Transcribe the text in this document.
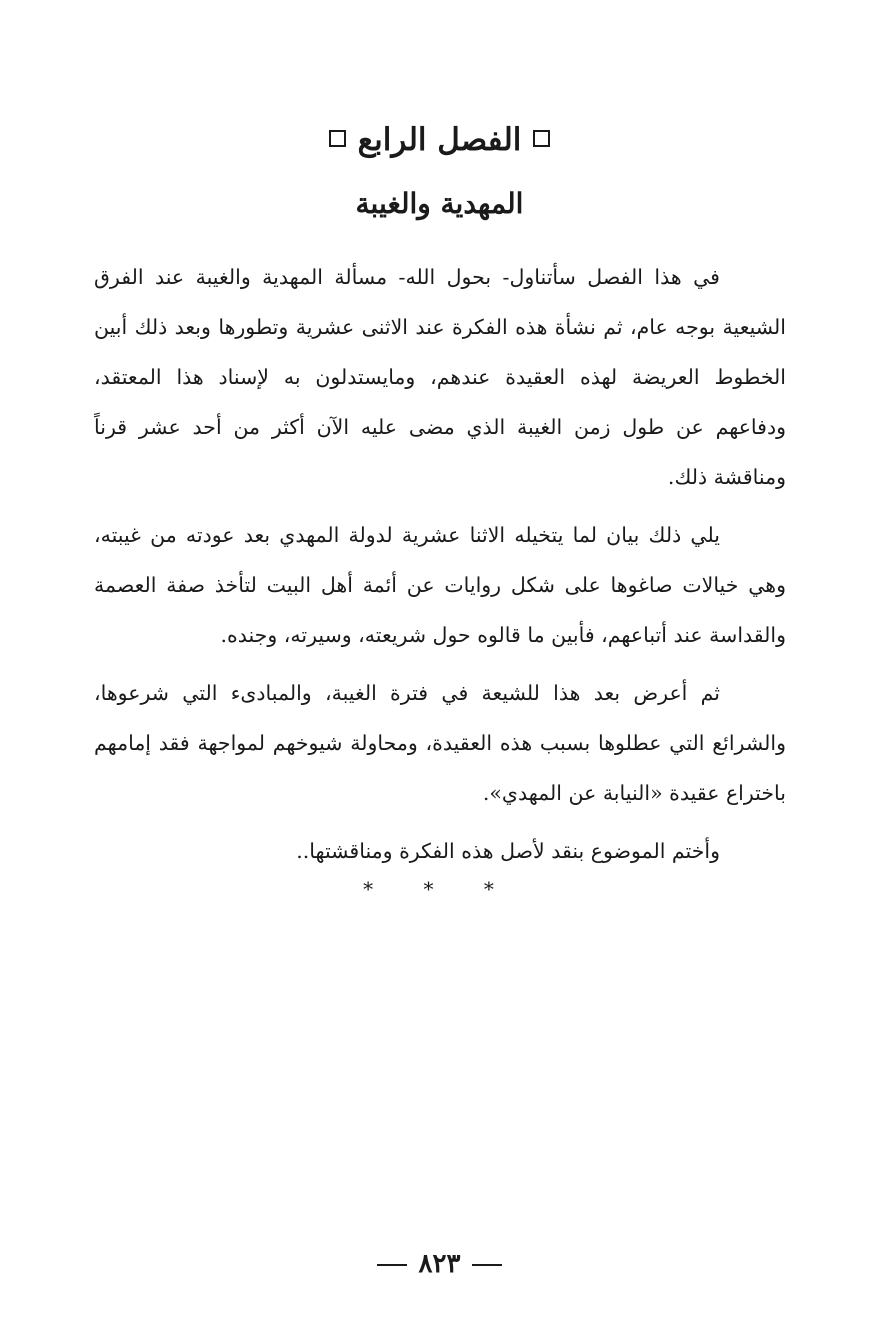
الفصل الرابع
المهدية والغيبة

في هذا الفصل سأتناول- بحول الله- مسألة المهدية والغيبة عند الفرق الشيعية بوجه عام، ثم نشأة هذه الفكرة عند الاثنى عشرية وتطورها وبعد ذلك أبين الخطوط العريضة لهذه العقيدة عندهم، ومايستدلون به لإسناد هذا المعتقد، ودفاعهم عن طول زمن الغيبة الذي مضى عليه الآن أكثر من أحد عشر قرناً ومناقشة ذلك.

يلي ذلك بيان لما يتخيله الاثنا عشرية لدولة المهدي بعد عودته من غيبته، وهي خيالات صاغوها على شكل روايات عن أئمة أهل البيت لتأخذ صفة العصمة والقداسة عند أتباعهم، فأبين ما قالوه حول شريعته، وسيرته، وجنده.

ثم أعرض بعد هذا للشيعة في فترة الغيبة، والمبادىء التي شرعوها، والشرائع التي عطلوها بسبب هذه العقيدة، ومحاولة شيوخهم لمواجهة فقد إمامهم باختراع عقيدة «النيابة عن المهدي».

وأختم الموضوع بنقد لأصل هذه الفكرة ومناقشتها..

* * *
٨٢٣
